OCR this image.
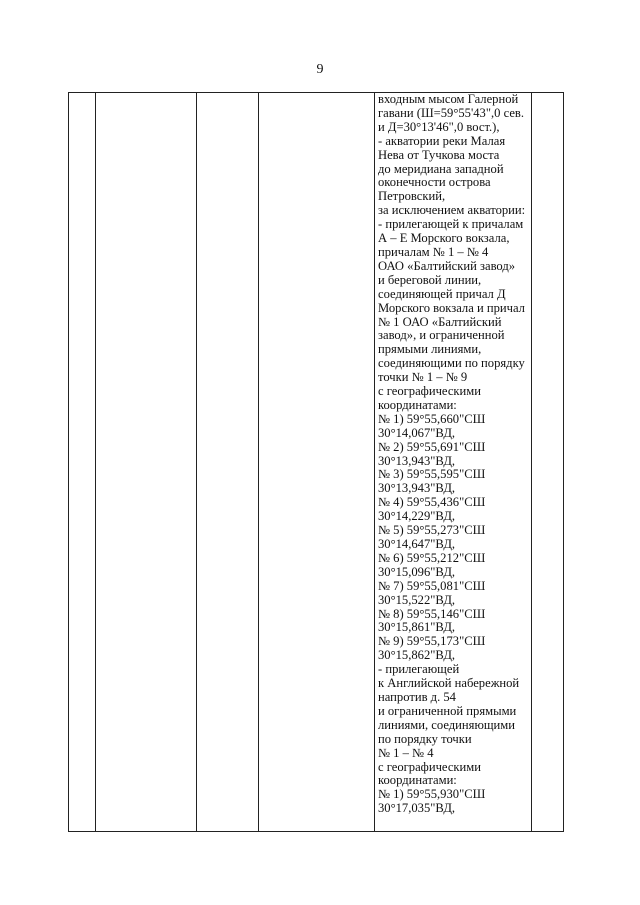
9
входным мысом Галерной
гавани (Ш=59°55'43",0 сев.
и Д=30°13'46",0 вост.),
- акватории реки Малая
Нева от Тучкова моста
до меридиана западной
оконечности острова
Петровский,
за исключением акватории:
- прилегающей к причалам
А – Е Морского вокзала,
причалам № 1 – № 4
ОАО «Балтийский завод»
и береговой линии,
соединяющей причал Д
Морского вокзала и причал
№ 1 ОАО «Балтийский
завод», и ограниченной
прямыми линиями,
соединяющими по порядку
точки № 1 – № 9
с географическими
координатами:
№ 1) 59°55,660"СШ
30°14,067"ВД,
№ 2) 59°55,691"СШ
30°13,943"ВД,
№ 3) 59°55,595"СШ
30°13,943"ВД,
№ 4) 59°55,436"СШ
30°14,229"ВД,
№ 5) 59°55,273"СШ
30°14,647"ВД,
№ 6) 59°55,212"СШ
30°15,096"ВД,
№ 7) 59°55,081"СШ
30°15,522"ВД,
№ 8) 59°55,146"СШ
30°15,861"ВД,
№ 9) 59°55,173"СШ
30°15,862"ВД,
- прилегающей
к Английской набережной
напротив д. 54
и ограниченной прямыми
линиями, соединяющими
по порядку точки
№ 1 – № 4
с географическими
координатами:
№ 1) 59°55,930"СШ
30°17,035"ВД,
